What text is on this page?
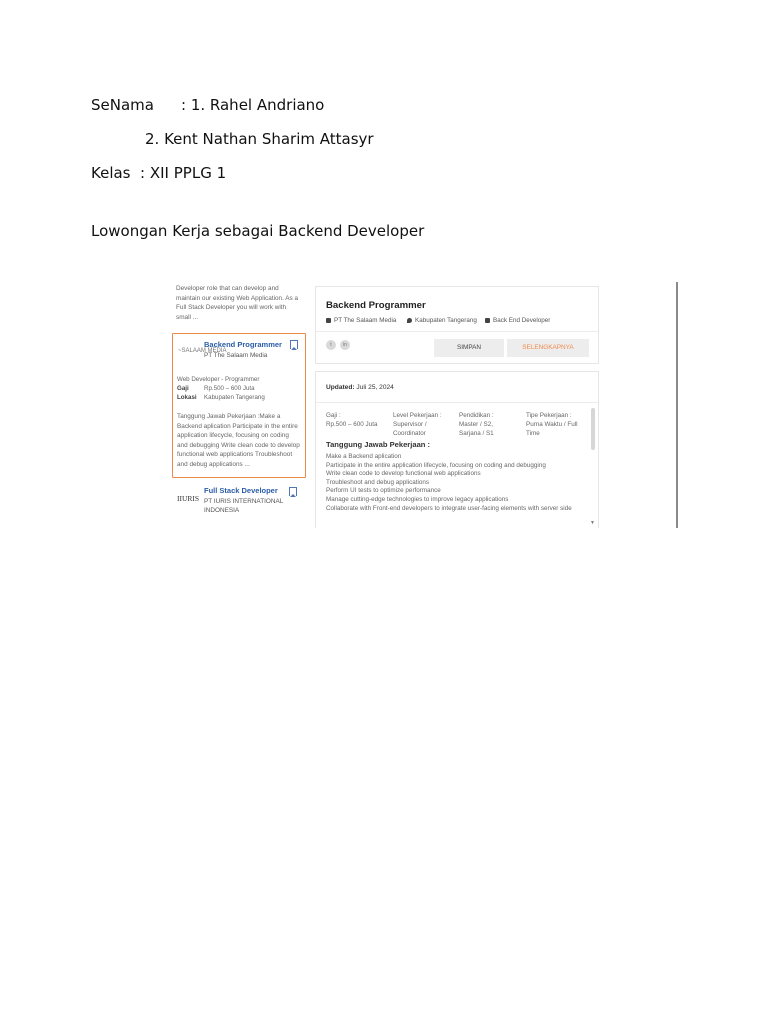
SeNama : 1. Rahel Andriano
2. Kent Nathan Sharim Attasyr
Kelas  : XII PPLG 1
Lowongan Kerja sebagai Backend Developer
Developer role that can develop and
maintain our existing Web Application. As a
Full Stack Developer you will work with
small ...
~SALAAM MEDIA
Backend Programmer
PT The Salaam Media
Web Developer - Programmer
Gaji Rp.500 – 600 Juta
Lokasi Kabupaten Tangerang
Tanggung Jawab Pekerjaan :Make a
Backend aplication Participate in the entire
application lifecycle, focusing on coding
and debugging Write clean code to develop
functional web applications Troubleshoot
and debug applications ...
IIURIS
Full Stack Developer
PT IURIS INTERNATIONAL
INDONESIA
Backend Programmer
PT The Salaam Media	Kabupaten Tangerang	Back End Developer
t	in	SIMPAN	SELENGKAPNYA
Updated: Juli 25, 2024
Gaji :
Rp.500 – 600 Juta
Level Pekerjaan :
Supervisor /
Coordinator
Pendidikan :
Master / S2,
Sarjana / S1
Tipe Pekerjaan :
Purna Waktu / Full
Time
Tanggung Jawab Pekerjaan :
Make a Backend aplication
Participate in the entire application lifecycle, focusing on coding and debugging
Write clean code to develop functional web applications
Troubleshoot and debug applications
Perform UI tests to optimize performance
Manage cutting-edge technologies to improve legacy applications
Collaborate with Front-end developers to integrate user-facing elements with server side
▼
